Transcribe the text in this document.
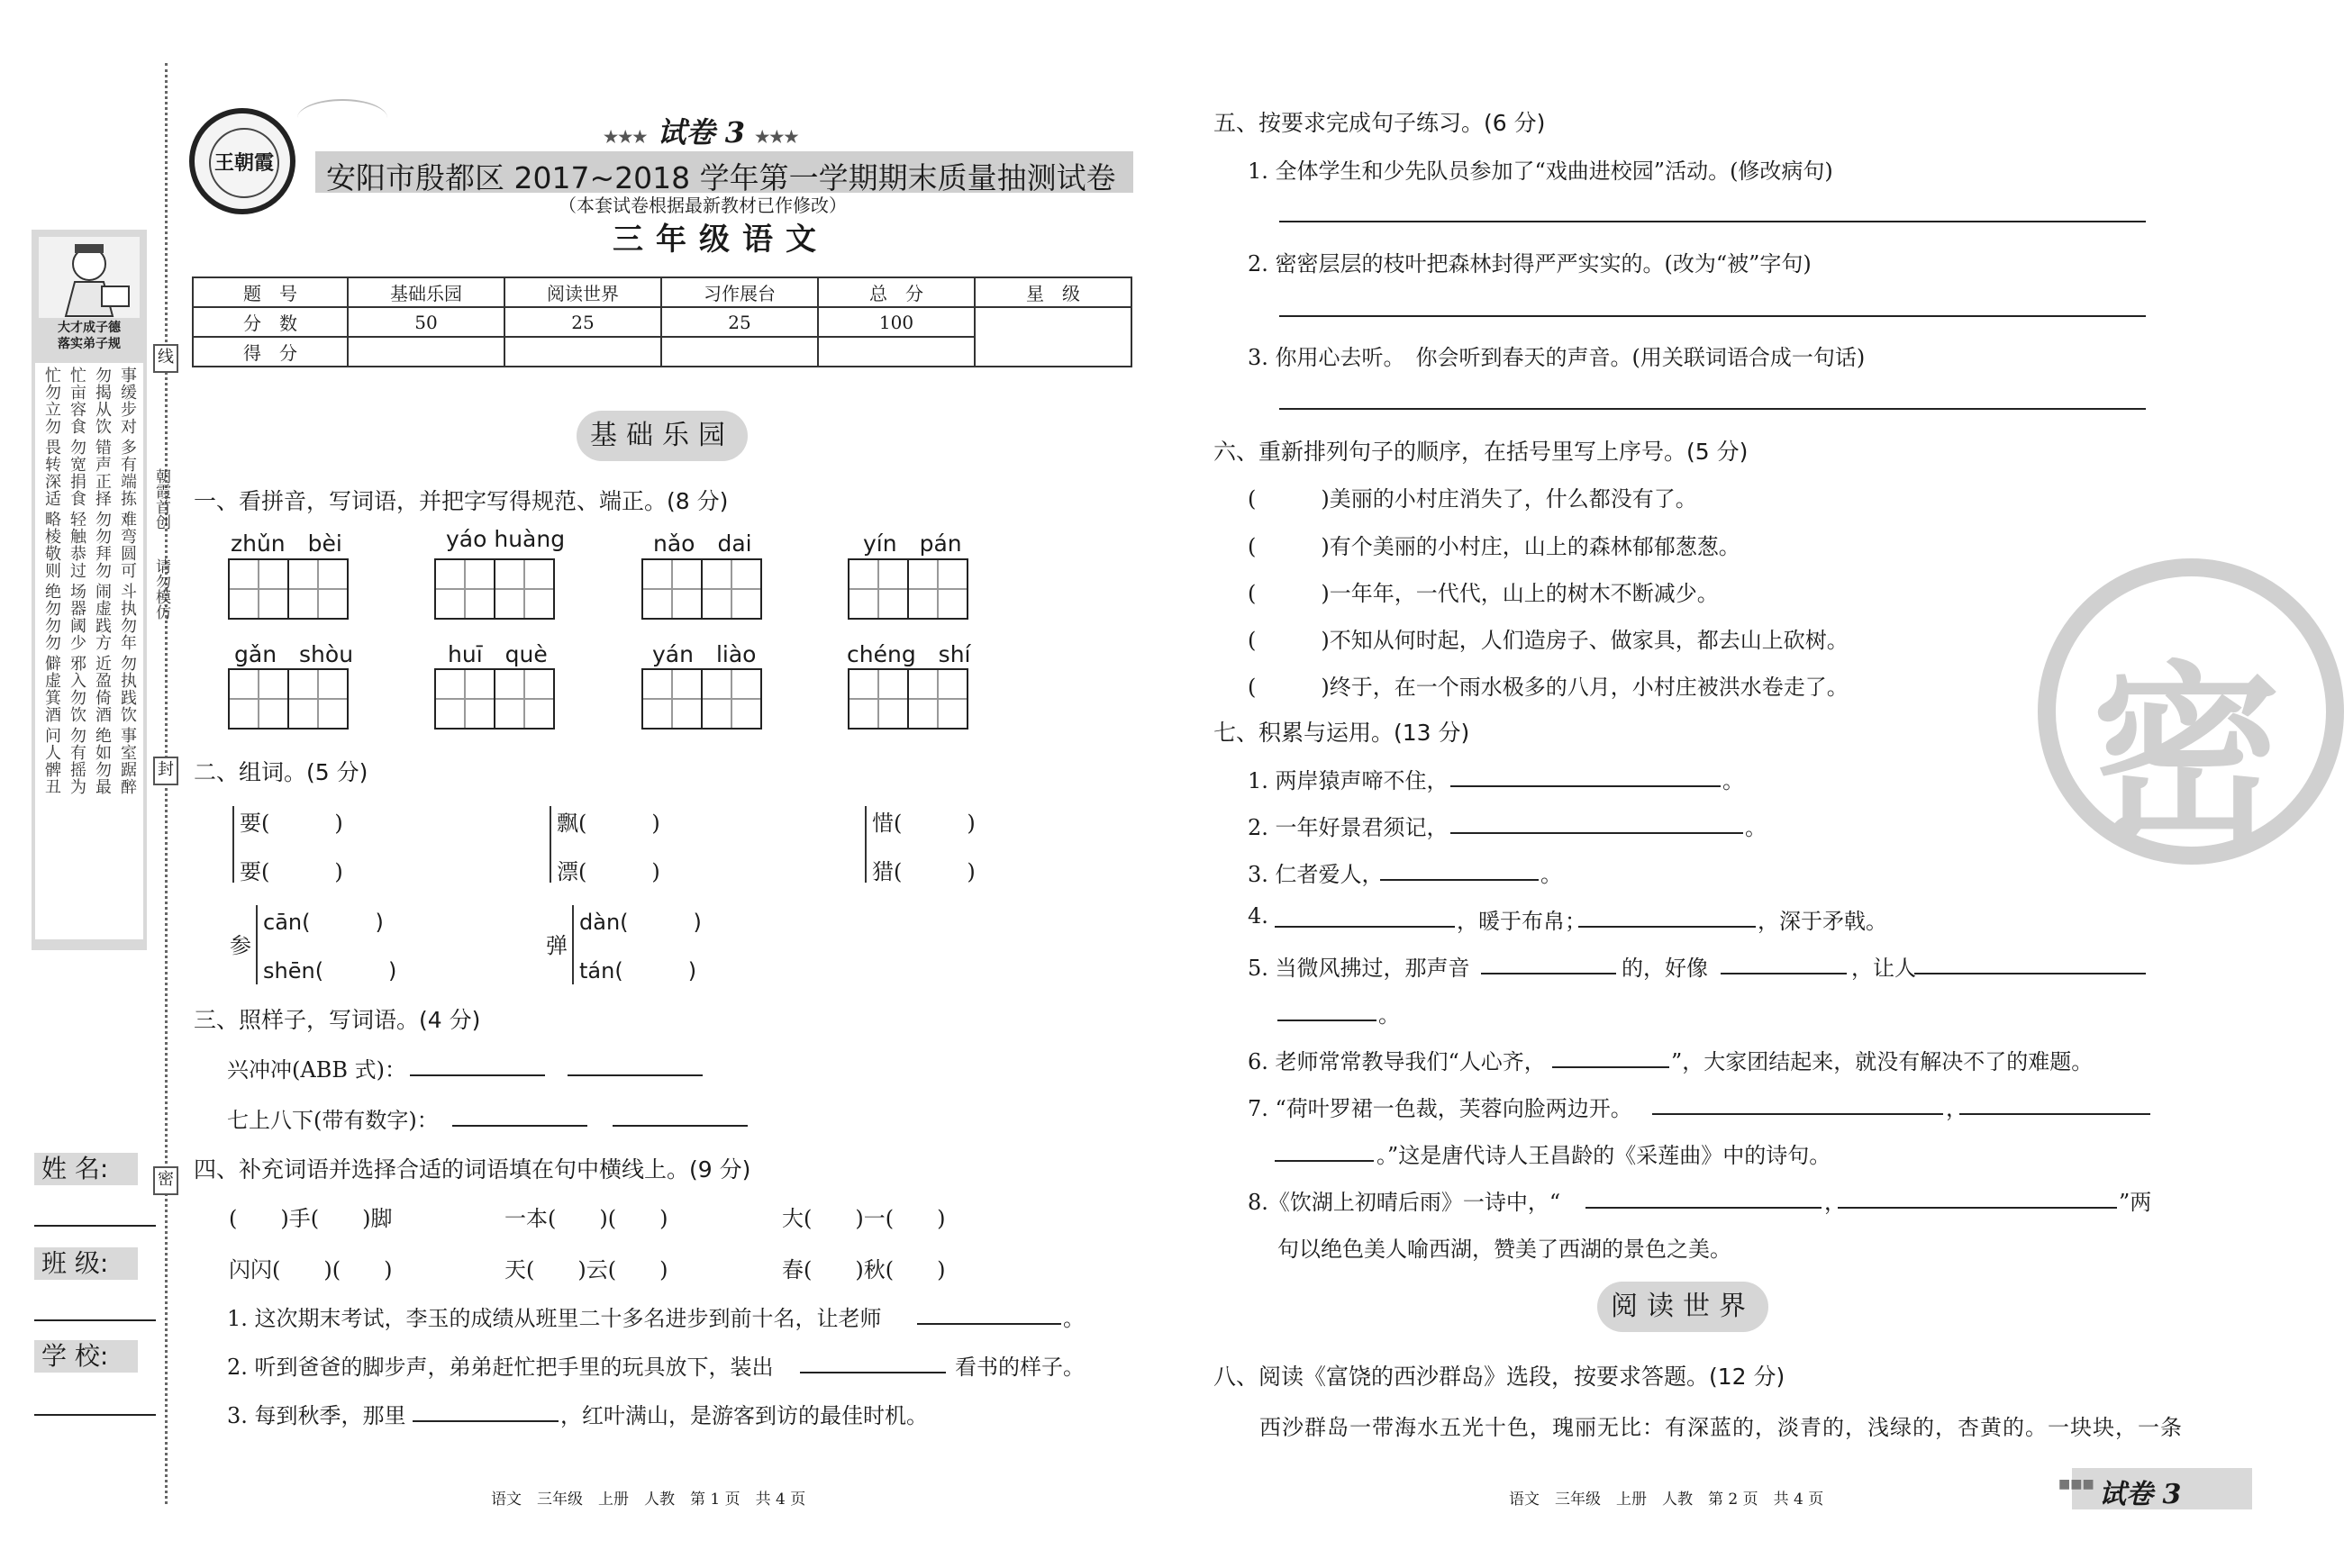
线
封
密
朝霞首创
请勿模仿
大才成子德
落实弟子规
事缓步对
勿揭从饮
忙亩容食
忙勿立勿
多有端拣
错声正择
勿宽捐食
畏转深适
难弯圆可
勿勿拜勿
轻触恭过
略棱敬则
斗执勿年
闹虚践方
场器阈少
绝勿勿勿
勿执践饮
近盈倚酒
邪入勿饮
僻虚箕酒
事室踞醉
绝如勿最
勿有摇为
问人髀丑
姓 名:
班 级:
学 校:
王朝霞
★★★ 试卷 3 ★★★
安阳市殷都区 2017~2018 学年第一学期期末质量抽测试卷
（本套试卷根据最新教材已作修改）
三年级语文
题　号	基础乐园	阅读世界	习作展台	总　分	星　级
分　数	50	25	25	100	
得　分					
基础乐园
一、看拼音，写词语，并把字写得规范、端正。(8 分)
zhǔn　bèi	yáo huàng	nǎo　dai	yín　pán
gǎn　shòu	huī　què	yán　liào	chéng　shí
二、组词。(5 分)
要(　　　)
要(　　　)
飘(　　　)
漂(　　　)
惜(　　　)
猎(　　　)
参
cān(　　　)
shēn(　　　)
弹
dàn(　　　)
tán(　　　)
三、照样子，写词语。(4 分)
兴冲冲(ABB 式)：
七上八下(带有数字)：
四、补充词语并选择合适的词语填在句中横线上。(9 分)
(　　)手(　　)脚	一本(　　)(　　)	大(　　)一(　　)
闪闪(　　)(　　)	天(　　)云(　　)	春(　　)秋(　　)
1. 这次期末考试，李玉的成绩从班里二十多名进步到前十名，让老师	。
2. 听到爸爸的脚步声，弟弟赶忙把手里的玩具放下，装出	看书的样子。
3. 每到秋季，那里	，红叶满山，是游客到访的最佳时机。
语文　三年级　上册　人教　第 1 页　共 4 页
密
五、按要求完成句子练习。(6 分)
1. 全体学生和少先队员参加了“戏曲进校园”活动。(修改病句)
2. 密密层层的枝叶把森林封得严严实实的。(改为“被”字句)
3. 你用心去听。　你会听到春天的声音。(用关联词语合成一句话)
六、重新排列句子的顺序，在括号里写上序号。(5 分)
(　　　)美丽的小村庄消失了，什么都没有了。
(　　　)有个美丽的小村庄，山上的森林郁郁葱葱。
(　　　)一年年，一代代，山上的树木不断减少。
(　　　)不知从何时起，人们造房子、做家具，都去山上砍树。
(　　　)终于，在一个雨水极多的八月，小村庄被洪水卷走了。
七、积累与运用。(13 分)
1. 两岸猿声啼不住，	。
2. 一年好景君须记，	。
3. 仁者爱人，	。
4.	，暖于布帛；	，深于矛戟。
5. 当微风拂过，那声音	的，好像	，让人
。
6. 老师常常教导我们“人心齐，	”，大家团结起来，就没有解决不了的难题。
7. “荷叶罗裙一色裁，芙蓉向脸两边开。	，
。”这是唐代诗人王昌龄的《采莲曲》中的诗句。
8.《饮湖上初晴后雨》一诗中，“	，	”两
句以绝色美人喻西湖，赞美了西湖的景色之美。
阅读世界
八、阅读《富饶的西沙群岛》选段，按要求答题。(12 分)
西沙群岛一带海水五光十色，瑰丽无比：有深蓝的，淡青的，浅绿的，杏黄的。一块块，一条
语文　三年级　上册　人教　第 2 页　共 4 页
■■■ 试卷 3
